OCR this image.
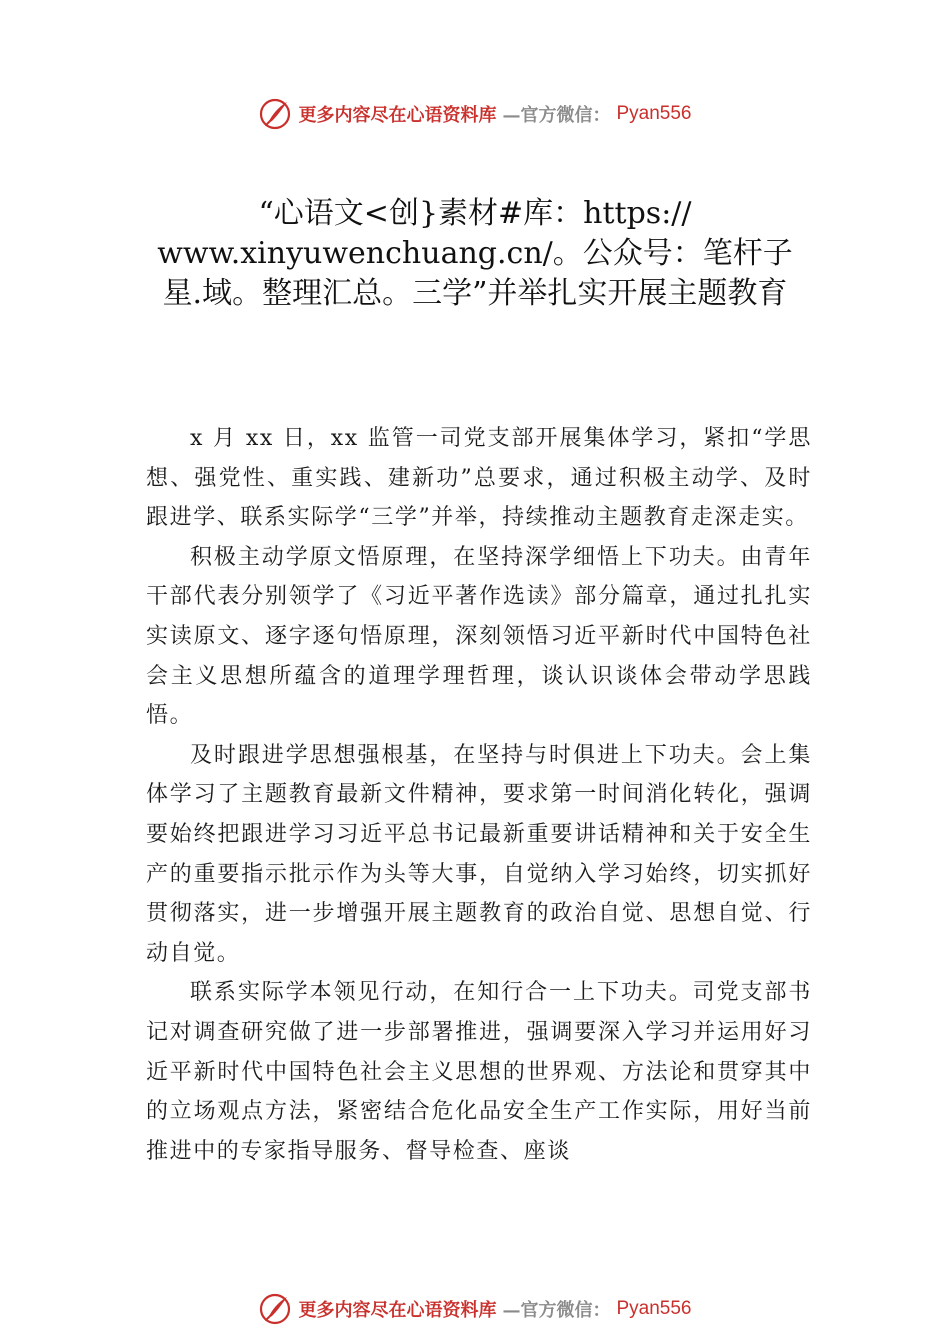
更多内容尽在心语资料库 —官方微信： Pyan556
“心语文<创}素材#库：https:// www.xinyuwenchuang.cn/。公众号：笔杆子星.域。整理汇总。三学”并举扎实开展主题教育

x 月 xx 日，xx 监管一司党支部开展集体学习，紧扣“学思想、强党性、重实践、建新功”总要求，通过积极主动学、及时跟进学、联系实际学“三学”并举，持续推动主题教育走深走实。

积极主动学原文悟原理，在坚持深学细悟上下功夫。由青年干部代表分别领学了《习近平著作选读》部分篇章，通过扎扎实实读原文、逐字逐句悟原理，深刻领悟习近平新时代中国特色社会主义思想所蕴含的道理学理哲理，谈认识谈体会带动学思践悟。

及时跟进学思想强根基，在坚持与时俱进上下功夫。会上集体学习了主题教育最新文件精神，要求第一时间消化转化，强调要始终把跟进学习习近平总书记最新重要讲话精神和关于安全生产的重要指示批示作为头等大事，自觉纳入学习始终，切实抓好贯彻落实，进一步增强开展主题教育的政治自觉、思想自觉、行动自觉。

联系实际学本领见行动，在知行合一上下功夫。司党支部书记对调查研究做了进一步部署推进，强调要深入学习并运用好习近平新时代中国特色社会主义思想的世界观、方法论和贯穿其中的立场观点方法，紧密结合危化品安全生产工作实际，用好当前推进中的专家指导服务、督导检查、座谈

更多内容尽在心语资料库 —官方微信： Pyan556
